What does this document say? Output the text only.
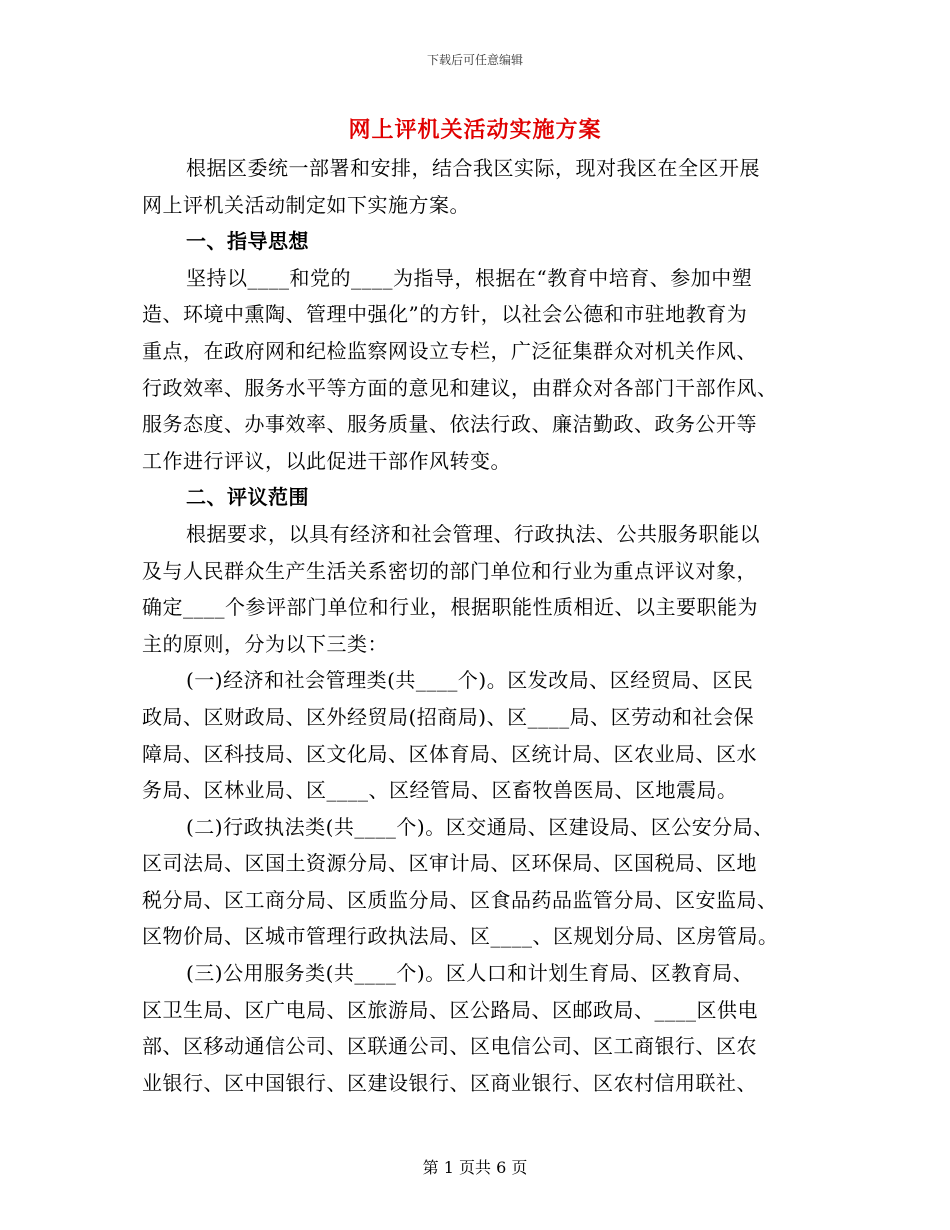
下载后可任意编辑
网上评机关活动实施方案
根据区委统一部署和安排，结合我区实际，现对我区在全区开展
网上评机关活动制定如下实施方案。
一、指导思想
坚持以____和党的____为指导，根据在“教育中培育、参加中塑
造、环境中熏陶、管理中强化”的方针，以社会公德和市驻地教育为
重点，在政府网和纪检监察网设立专栏，广泛征集群众对机关作风、
行政效率、服务水平等方面的意见和建议，由群众对各部门干部作风、
服务态度、办事效率、服务质量、依法行政、廉洁勤政、政务公开等
工作进行评议，以此促进干部作风转变。
二、评议范围
根据要求，以具有经济和社会管理、行政执法、公共服务职能以
及与人民群众生产生活关系密切的部门单位和行业为重点评议对象，
确定____个参评部门单位和行业，根据职能性质相近、以主要职能为
主的原则，分为以下三类：
(一)经济和社会管理类(共____个)。区发改局、区经贸局、区民
政局、区财政局、区外经贸局(招商局)、区____局、区劳动和社会保
障局、区科技局、区文化局、区体育局、区统计局、区农业局、区水
务局、区林业局、区____、区经管局、区畜牧兽医局、区地震局。
(二)行政执法类(共____个)。区交通局、区建设局、区公安分局、
区司法局、区国土资源分局、区审计局、区环保局、区国税局、区地
税分局、区工商分局、区质监分局、区食品药品监管分局、区安监局、
区物价局、区城市管理行政执法局、区____、区规划分局、区房管局。
(三)公用服务类(共____个)。区人口和计划生育局、区教育局、
区卫生局、区广电局、区旅游局、区公路局、区邮政局、____区供电
部、区移动通信公司、区联通公司、区电信公司、区工商银行、区农
业银行、区中国银行、区建设银行、区商业银行、区农村信用联社、
第 1 页共 6 页
